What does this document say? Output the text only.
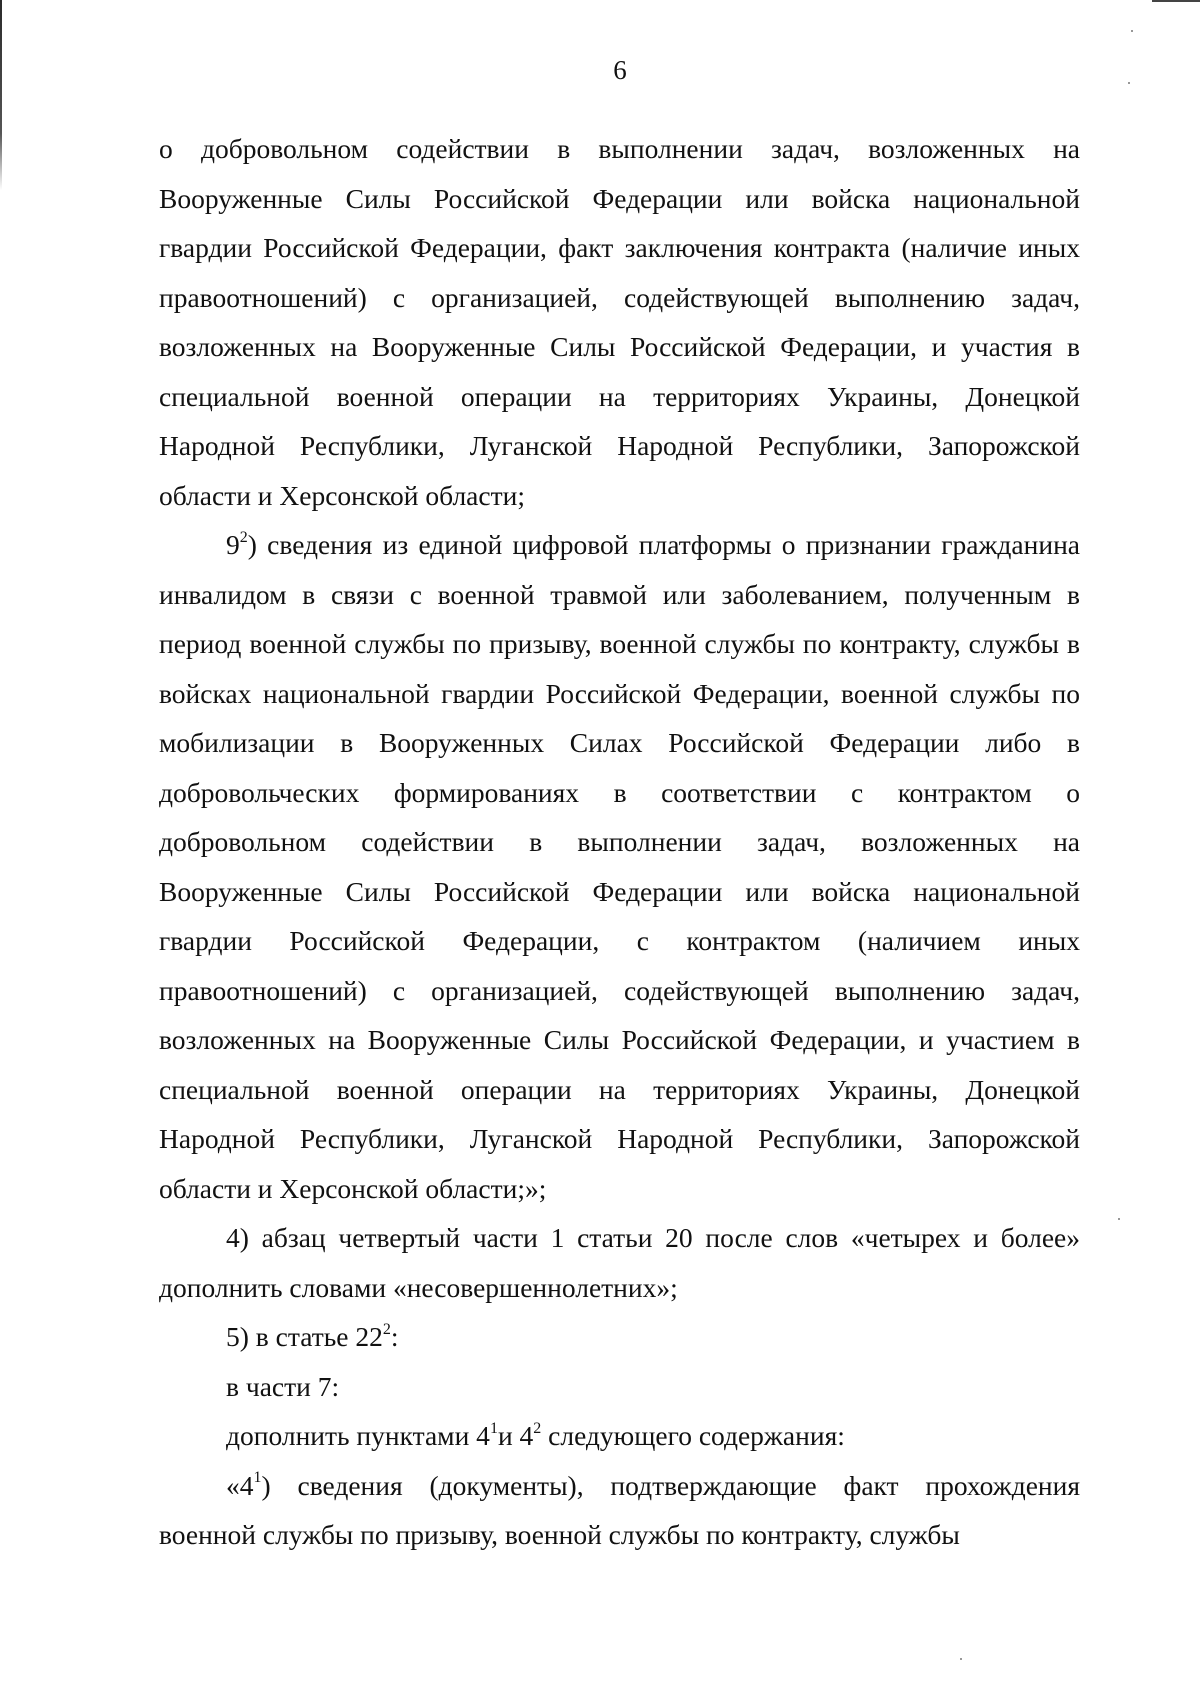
6

о добровольном содействии в выполнении задач, возложенных на Вооруженные Силы Российской Федерации или войска национальной гвардии Российской Федерации, факт заключения контракта (наличие иных правоотношений) с организацией, содействующей выполнению задач, возложенных на Вооруженные Силы Российской Федерации, и участия в специальной военной операции на территориях Украины, Донецкой Народной Республики, Луганской Народной Республики, Запорожской области и Херсонской области;

$9^2$) сведения из единой цифровой платформы о признании гражданина инвалидом в связи с военной травмой или заболеванием, полученным в период военной службы по призыву, военной службы по контракту, службы в войсках национальной гвардии Российской Федерации, военной службы по мобилизации в Вооруженных Силах Российской Федерации либо в добровольческих формированиях в соответствии с контрактом о добровольном содействии в выполнении задач, возложенных на Вооруженные Силы Российской Федерации или войска национальной гвардии Российской Федерации, с контрактом (наличием иных правоотношений) с организацией, содействующей выполнению задач, возложенных на Вооруженные Силы Российской Федерации, и участием в специальной военной операции на территориях Украины, Донецкой Народной Республики, Луганской Народной Республики, Запорожской области и Херсонской области;»;

4) абзац четвертый части 1 статьи 20 после слов «четырех и более» дополнить словами «несовершеннолетних»;

5) в статье $22^2$:

в части 7:

дополнить пунктами $4^1и$ $4^2$ следующего содержания:

«$4^1$) сведения (документы), подтверждающие факт прохождения военной службы по призыву, военной службы по контракту, службы
